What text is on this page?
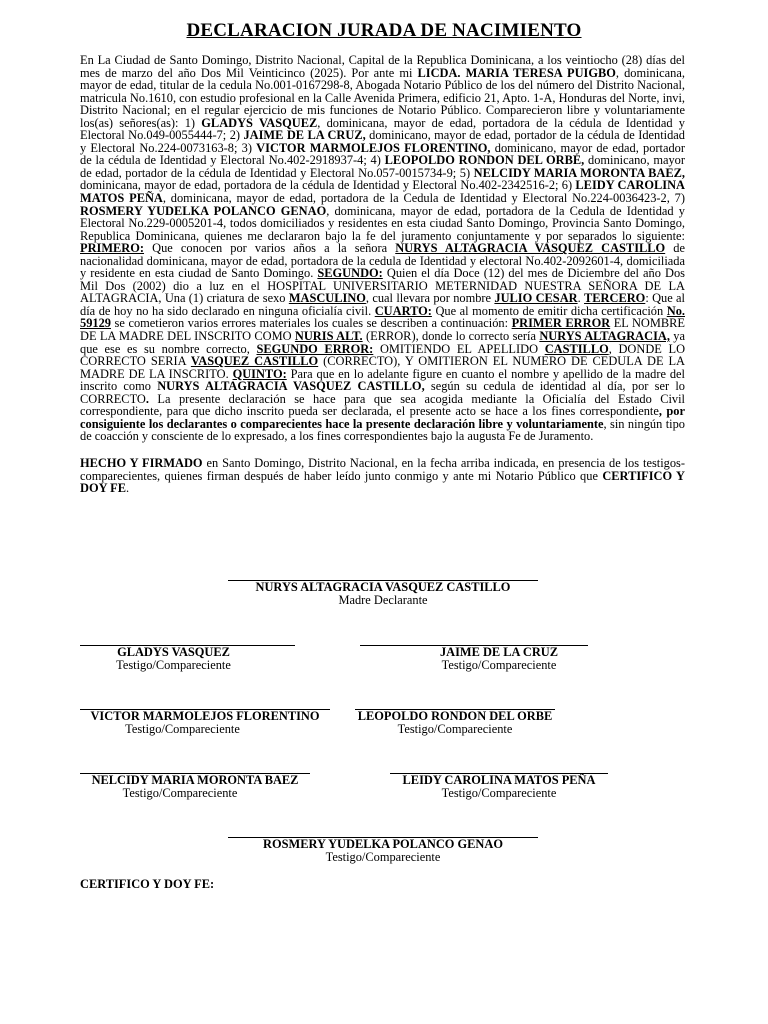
DECLARACION JURADA DE NACIMIENTO

En La Ciudad de Santo Domingo, Distrito Nacional, Capital de la Republica Dominicana, a los veintiocho (28) días del mes de marzo del año Dos Mil Veinticinco (2025). Por ante mi LICDA. MARIA TERESA PUIGBO, dominicana, mayor de edad, titular de la cedula No.001-0167298-8, Abogada Notario Público de los del número del Distrito Nacional, matricula No.1610, con estudio profesional en la Calle Avenida Primera, edificio 21, Apto. 1-A, Honduras del Norte, invi, Distrito Nacional; en el regular ejercicio de mis funciones de Notario Público. Comparecieron libre y voluntariamente los(as) señores(as): 1) GLADYS VASQUEZ, dominicana, mayor de edad, portadora de la cédula de Identidad y Electoral No.049-0055444-7; 2) JAIME DE LA CRUZ, dominicano, mayor de edad, portador de la cédula de Identidad y Electoral No.224-0073163-8; 3) VICTOR MARMOLEJOS FLORENTINO, dominicano, mayor de edad, portador de la cédula de Identidad y Electoral No.402-2918937-4; 4) LEOPOLDO RONDON DEL ORBE, dominicano, mayor de edad, portador de la cédula de Identidad y Electoral No.057-0015734-9; 5) NELCIDY MARIA MORONTA BAEZ, dominicana, mayor de edad, portadora de la cédula de Identidad y Electoral No.402-2342516-2; 6) LEIDY CAROLINA MATOS PEÑA, dominicana, mayor de edad, portadora de la Cedula de Identidad y Electoral No.224-0036423-2, 7) ROSMERY YUDELKA POLANCO GENAO, dominicana, mayor de edad, portadora de la Cedula de Identidad y Electoral No.229-0005201-4, todos domiciliados y residentes en esta ciudad Santo Domingo, Provincia Santo Domingo, Republica Dominicana, quienes me declararon bajo la fe del juramento conjuntamente y por separados lo siguiente: PRIMERO: Que conocen por varios años a la señora NURYS ALTAGRACIA VASQUEZ CASTILLO de nacionalidad dominicana, mayor de edad, portadora de la cedula de Identidad y electoral No.402-2092601-4, domiciliada y residente en esta ciudad de Santo Domingo. SEGUNDO: Quien el día Doce (12) del mes de Diciembre del año Dos Mil Dos (2002) dio a luz en el HOSPITAL UNIVERSITARIO METERNIDAD NUESTRA SEÑORA DE LA ALTAGRACIA, Una (1) criatura de sexo MASCULINO, cual llevara por nombre JULIO CESAR. TERCERO: Que al día de hoy no ha sido declarado en ninguna oficialía civil. CUARTO: Que al momento de emitir dicha certificación No. 59129 se cometieron varios errores materiales los cuales se describen a continuación: PRIMER ERROR EL NOMBRE DE LA MADRE DEL INSCRITO COMO NURIS ALT. (ERROR), donde lo correcto sería NURYS ALTAGRACIA, ya que ese es su nombre correcto, SEGUNDO ERROR: OMITIENDO EL APELLIDO CASTILLO, DONDE LO CORRECTO SERIA VASQUEZ CASTILLO (CORRECTO), Y OMITIERON EL NUMERO DE CEDULA DE LA MADRE DE LA INSCRITO. QUINTO: Para que en lo adelante figure en cuanto el nombre y apellido de la madre del inscrito como NURYS ALTAGRACIA VASQUEZ CASTILLO, según su cedula de identidad al día, por ser lo CORRECTO. La presente declaración se hace para que sea acogida mediante la Oficialía del Estado Civil correspondiente, para que dicho inscrito pueda ser declarada, el presente acto se hace a los fines correspondiente, por consiguiente los declarantes o comparecientes hace la presente declaración libre y voluntariamente, sin ningún tipo de coacción y consciente de lo expresado, a los fines correspondientes bajo la augusta Fe de Juramento.

HECHO Y FIRMADO en Santo Domingo, Distrito Nacional, en la fecha arriba indicada, en presencia de los testigos-comparecientes, quienes firman después de haber leído junto conmigo y ante mi Notario Público que CERTIFICO Y DOY FE.

NURYS ALTAGRACIA VASQUEZ CASTILLO
Madre Declarante
GLADYS VASQUEZ
Testigo/Compareciente
JAIME DE LA CRUZ
Testigo/Compareciente
VICTOR MARMOLEJOS FLORENTINO
Testigo/Compareciente
LEOPOLDO RONDON DEL ORBE
Testigo/Compareciente
NELCIDY MARIA MORONTA BAEZ
Testigo/Compareciente
LEIDY CAROLINA MATOS PEÑA
Testigo/Compareciente
ROSMERY YUDELKA POLANCO GENAO
Testigo/Compareciente
CERTIFICO Y DOY FE:
